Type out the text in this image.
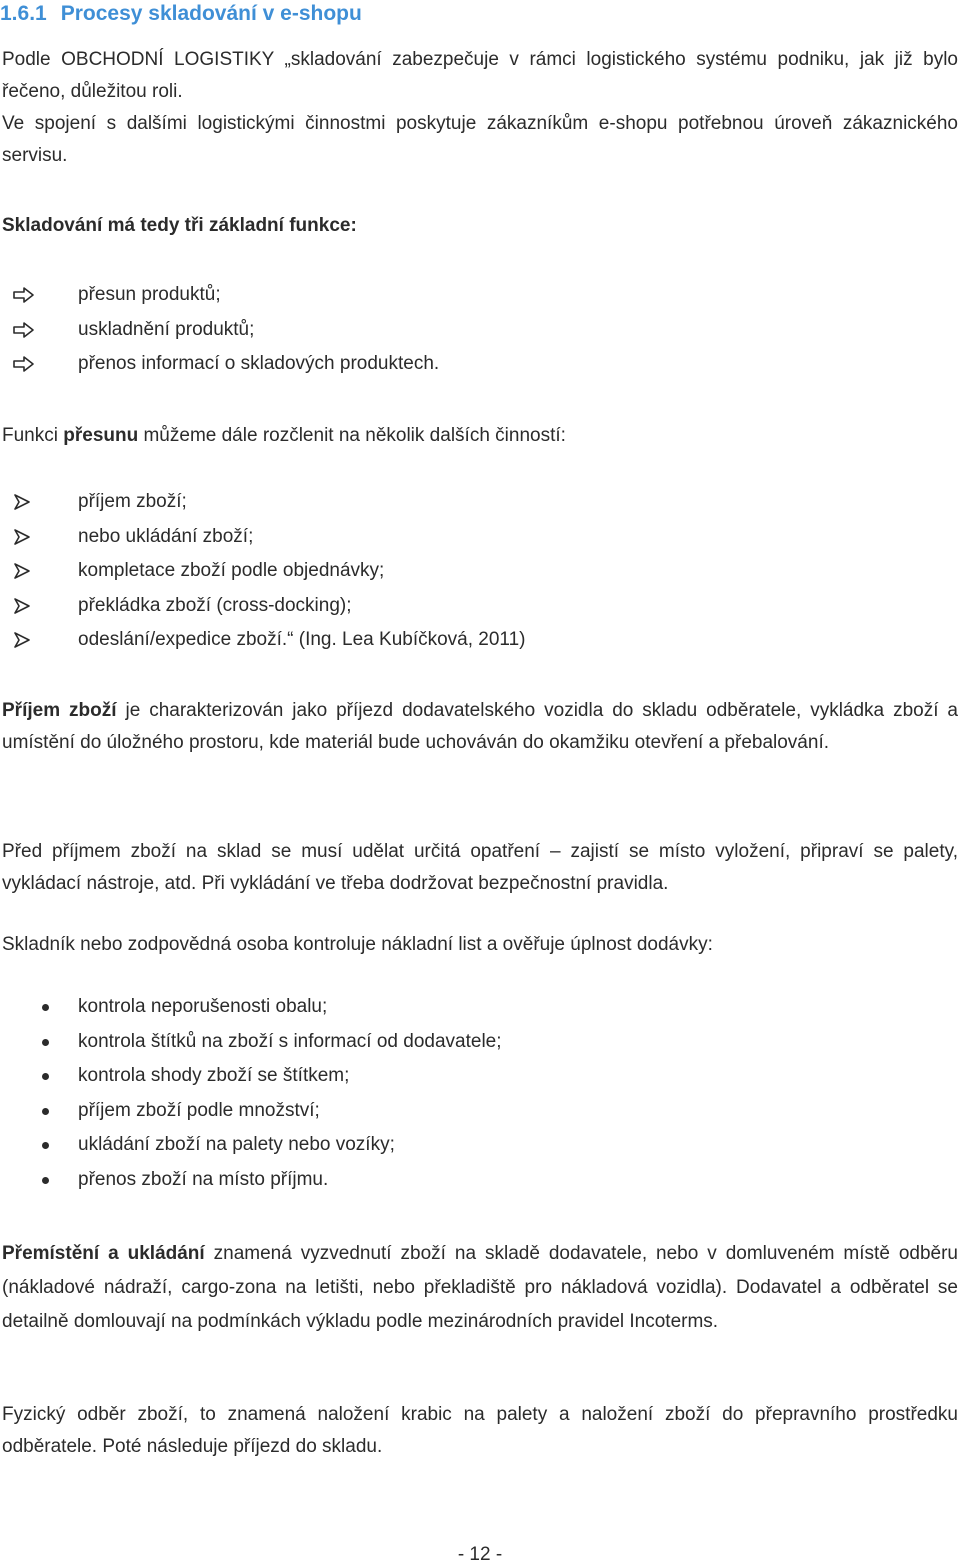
1.6.1 Procesy skladování v e-shopu
Podle OBCHODNÍ LOGISTIKY „skladování zabezpečuje v rámci logistického systému podniku, jak již bylo řečeno, důležitou roli.
Ve spojení s dalšími logistickými činnostmi poskytuje zákazníkům e-shopu potřebnou úroveň zákaznického servisu.
Skladování má tedy tři základní funkce:
přesun produktů;
uskladnění produktů;
přenos informací o skladových produktech.
Funkci přesunu můžeme dále rozčlenit na několik dalších činností:
příjem zboží;
nebo ukládání zboží;
kompletace zboží podle objednávky;
překládka zboží (cross-docking);
odeslání/expedice zboží.“ (Ing. Lea Kubíčková, 2011)
Příjem zboží je charakterizován jako příjezd dodavatelského vozidla do skladu odběratele, vykládka zboží a umístění do úložného prostoru, kde materiál bude uchováván do okamžiku otevření a přebalování.
Před příjmem zboží na sklad se musí udělat určitá opatření – zajistí se místo vyložení, připraví se palety, vykládací nástroje, atd. Při vykládání ve třeba dodržovat bezpečnostní pravidla.
Skladník nebo zodpovědná osoba kontroluje nákladní list a ověřuje úplnost dodávky:
kontrola neporušenosti obalu;
kontrola štítků na zboží s informací od dodavatele;
kontrola shody zboží se štítkem;
příjem zboží podle množství;
ukládání zboží na palety nebo vozíky;
přenos zboží na místo příjmu.
Přemístění a ukládání znamená vyzvednutí zboží na skladě dodavatele, nebo v domluveném místě odběru (nákladové nádraží, cargo-zona na letišti, nebo překladiště pro nákladová vozidla). Dodavatel a odběratel se detailně domlouvají na podmínkách výkladu podle mezinárodních pravidel Incoterms.
Fyzický odběr zboží, to znamená naložení krabic na palety a naložení zboží do přepravního prostředku odběratele. Poté následuje příjezd do skladu.
- 12 -
